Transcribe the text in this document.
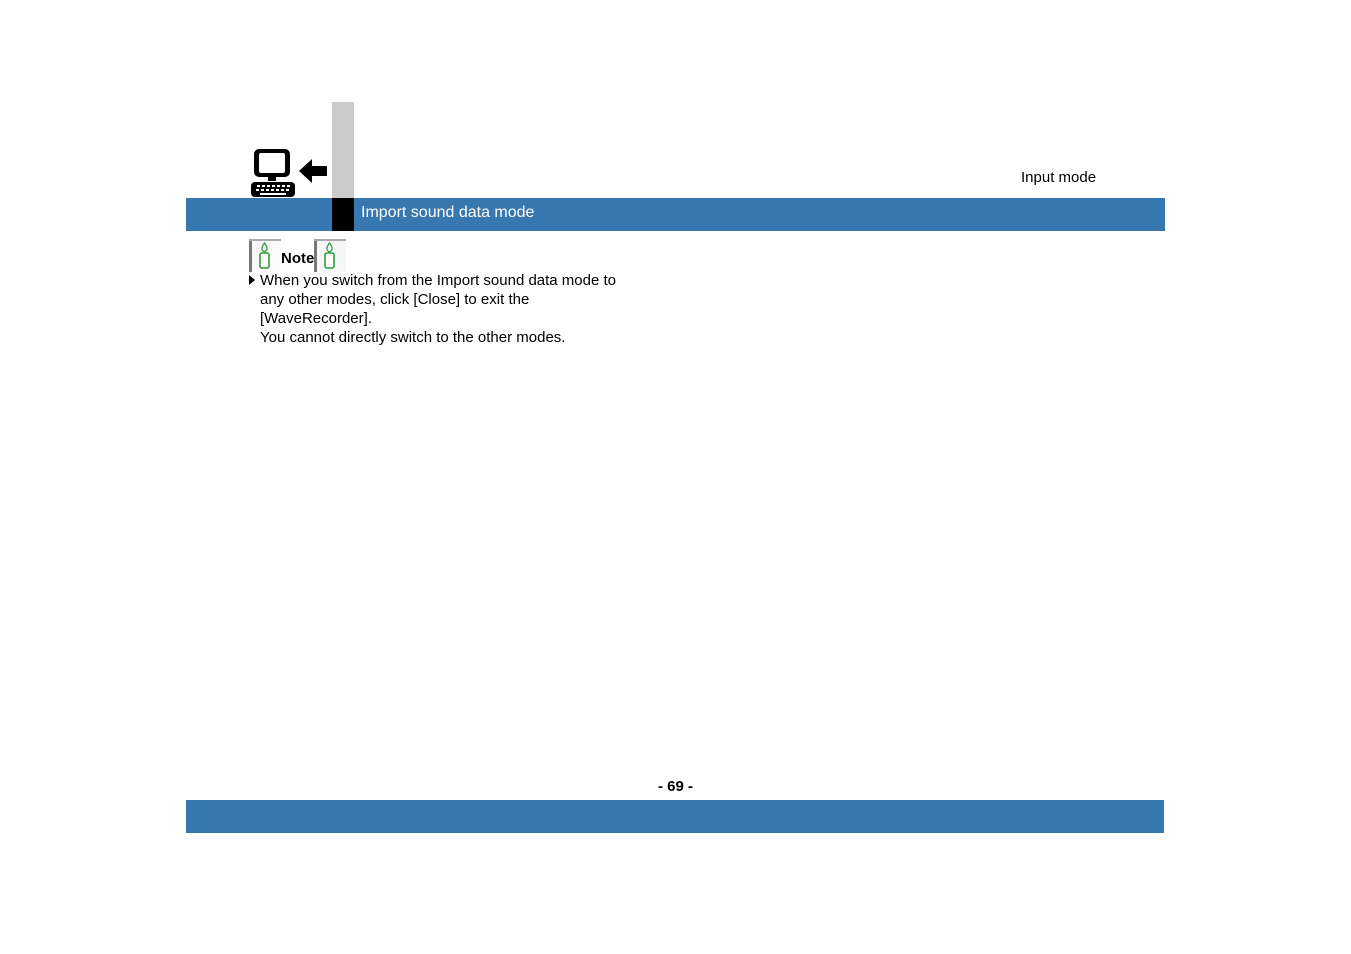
Import sound data mode
Input mode
Note
When you switch from the Import sound data mode to
any other modes, click [Close] to exit the
[WaveRecorder].
You cannot directly switch to the other modes.
- 69 -
